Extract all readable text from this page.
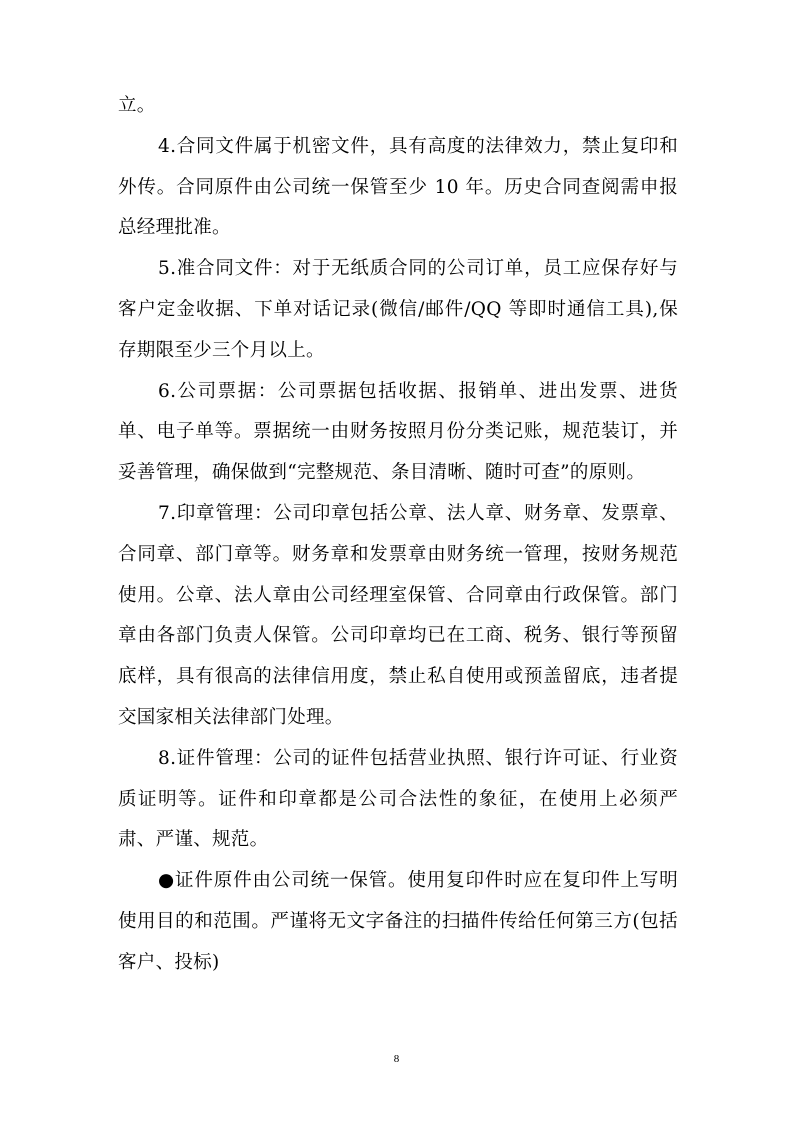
立。

4.合同文件属于机密文件，具有高度的法律效力，禁止复印和外传。合同原件由公司统一保管至少 10 年。历史合同查阅需申报总经理批准。

5.准合同文件：对于无纸质合同的公司订单，员工应保存好与客户定金收据、下单对话记录(微信/邮件/QQ 等即时通信工具),保存期限至少三个月以上。

6.公司票据：公司票据包括收据、报销单、进出发票、进货单、电子单等。票据统一由财务按照月份分类记账，规范装订，并妥善管理，确保做到“完整规范、条目清晰、随时可查”的原则。

7.印章管理：公司印章包括公章、法人章、财务章、发票章、合同章、部门章等。财务章和发票章由财务统一管理，按财务规范使用。公章、法人章由公司经理室保管、合同章由行政保管。部门章由各部门负责人保管。公司印章均已在工商、税务、银行等预留底样，具有很高的法律信用度，禁止私自使用或预盖留底，违者提交国家相关法律部门处理。

8.证件管理：公司的证件包括营业执照、银行许可证、行业资质证明等。证件和印章都是公司合法性的象征，在使用上必须严肃、严谨、规范。

●证件原件由公司统一保管。使用复印件时应在复印件上写明使用目的和范围。严谨将无文字备注的扫描件传给任何第三方(包括客户、投标)

8
